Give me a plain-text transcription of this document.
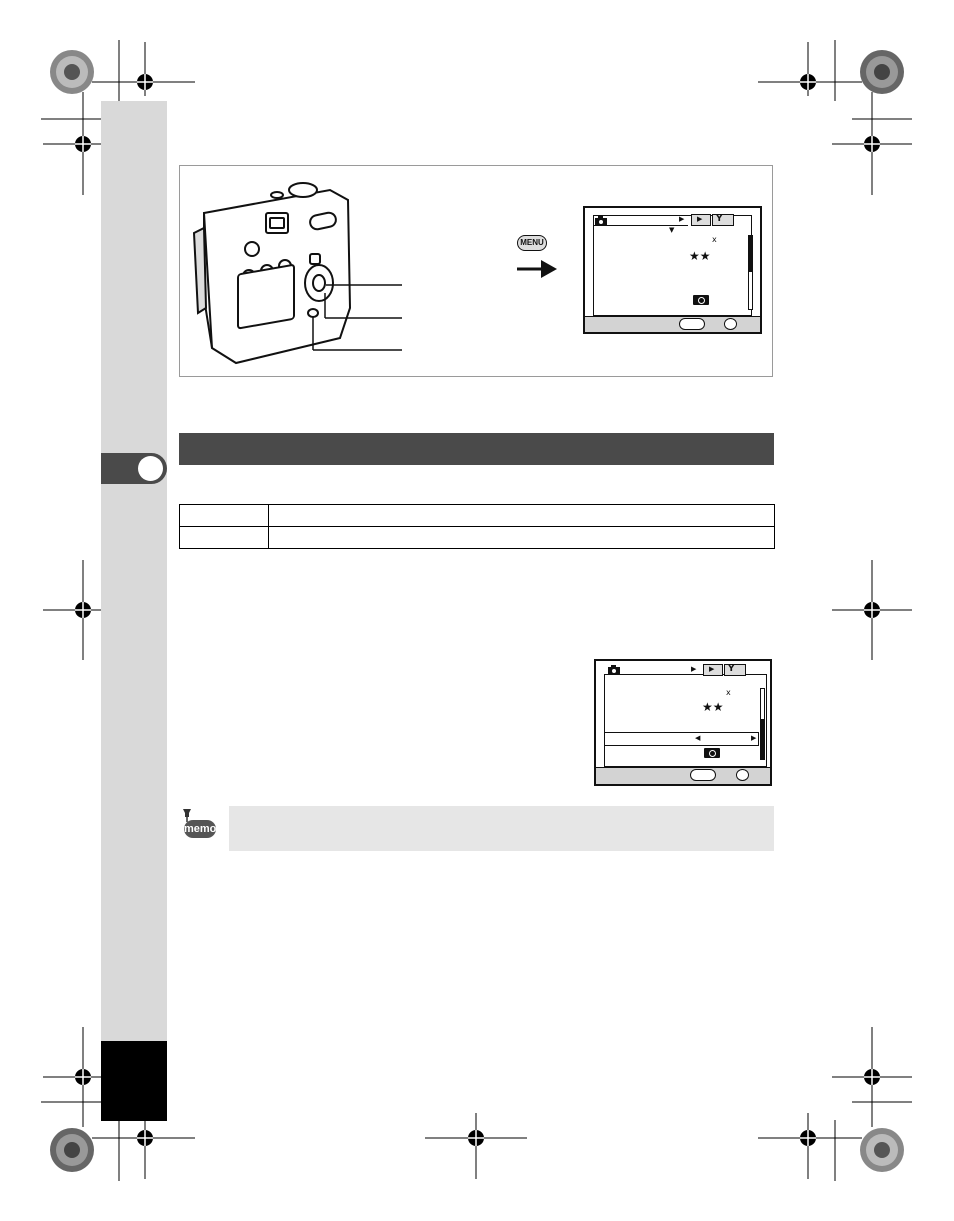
MENU
▶
▼
▶ Y
x
★★

▶ ▶ Y
x
★★
◀	▶
memo
